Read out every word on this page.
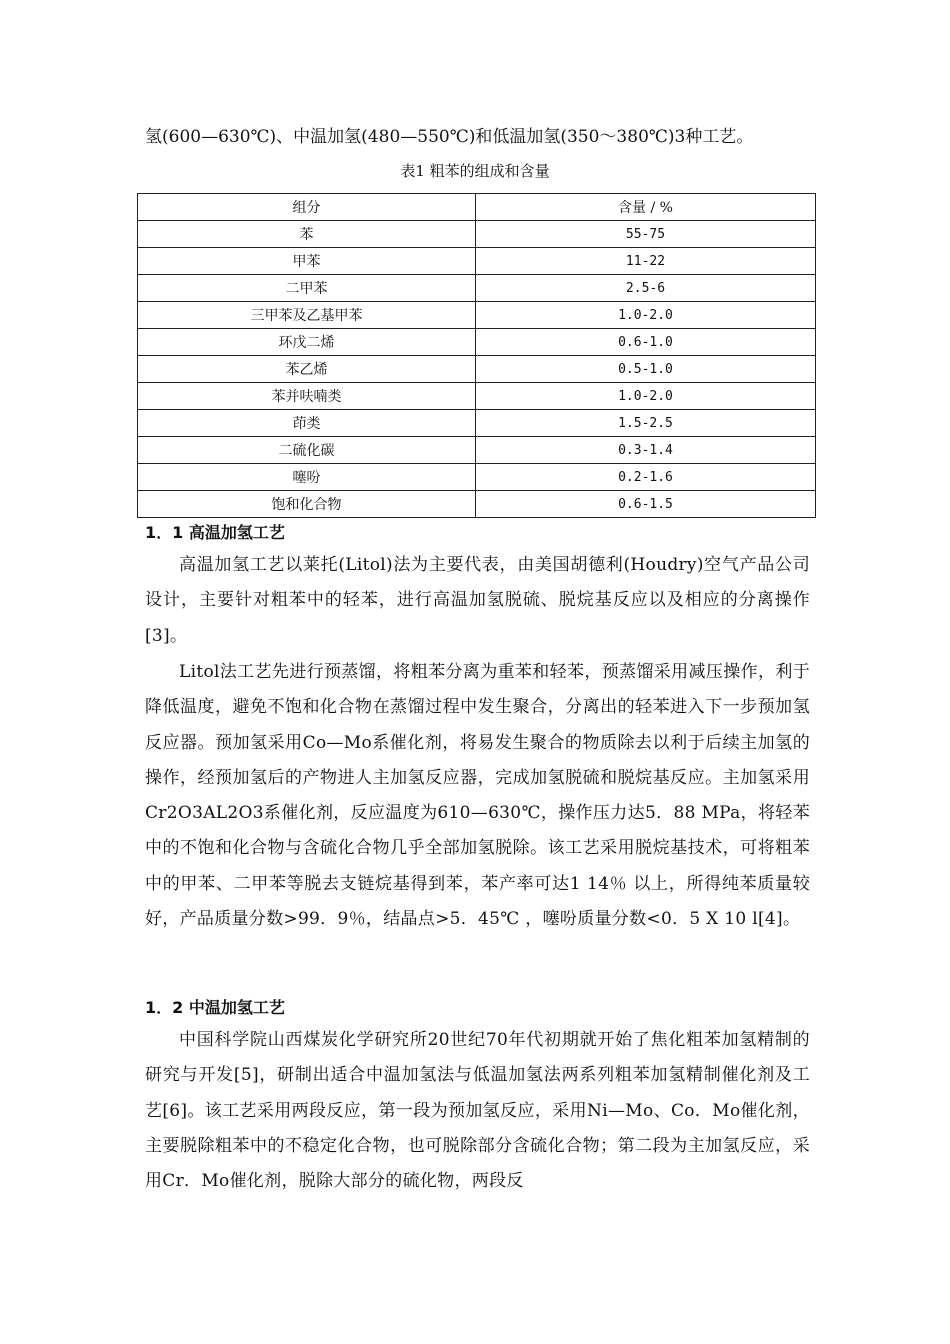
氢(600—630℃)、中温加氢(480—550℃)和低温加氢(350～380℃)3种工艺。
表1 粗苯的组成和含量
组分	含量 / %
苯	55-75
甲苯	11-22
二甲苯	2.5-6
三甲苯及乙基甲苯	1.0-2.0
环戊二烯	0.6-1.0
苯乙烯	0.5-1.0
苯并呋喃类	1.0-2.0
茚类	1.5-2.5
二硫化碳	0.3-1.4
噻吩	0.2-1.6
饱和化合物	0.6-1.5
1．1 高温加氢工艺

高温加氢工艺以莱托(Litol)法为主要代表，由美国胡德利(Houdry)空气产品公司设计，主要针对粗苯中的轻苯，进行高温加氢脱硫、脱烷基反应以及相应的分离操作[3]。

Litol法工艺先进行预蒸馏，将粗苯分离为重苯和轻苯，预蒸馏采用减压操作，利于降低温度，避免不饱和化合物在蒸馏过程中发生聚合，分离出的轻苯进入下一步预加氢反应器。预加氢采用Co—Mo系催化剂，将易发生聚合的物质除去以利于后续主加氢的操作，经预加氢后的产物进人主加氢反应器，完成加氢脱硫和脱烷基反应。主加氢采用Cr2O3AL2O3系催化剂，反应温度为610—630℃，操作压力达5．88 MPa，将轻苯中的不饱和化合物与含硫化合物几乎全部加氢脱除。该工艺采用脱烷基技术，可将粗苯中的甲苯、二甲苯等脱去支链烷基得到苯，苯产率可达1 14％ 以上，所得纯苯质量较好，产品质量分数>99．9％，结晶点>5．45℃ ，噻吩质量分数<0．5 X 10 l[4]。

1．2 中温加氢工艺

中国科学院山西煤炭化学研究所20世纪70年代初期就开始了焦化粗苯加氢精制的研究与开发[5]，研制出适合中温加氢法与低温加氢法两系列粗苯加氢精制催化剂及工艺[6]。该工艺采用两段反应，第一段为预加氢反应，采用Ni—Mo、Co．Mo催化剂，主要脱除粗苯中的不稳定化合物，也可脱除部分含硫化合物；第二段为主加氢反应，采用Cr．Mo催化剂，脱除大部分的硫化物，两段反
